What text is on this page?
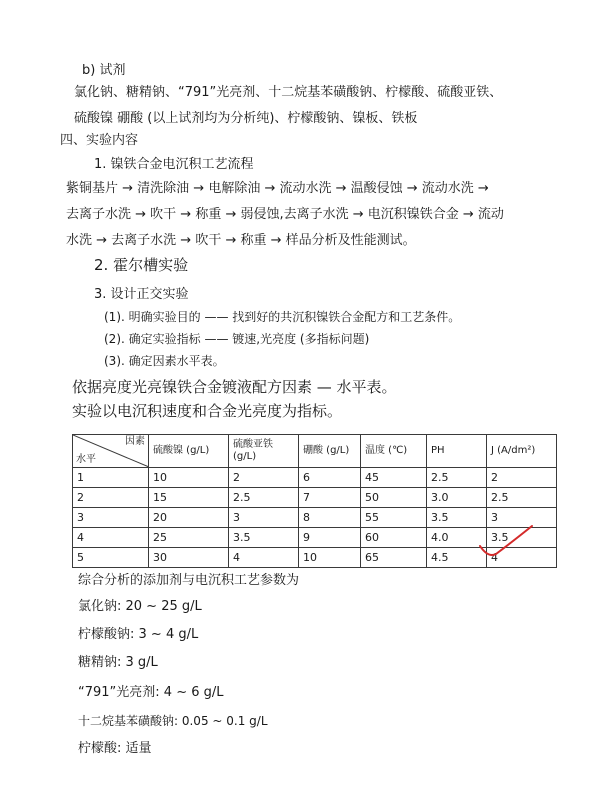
b) 试剂
氯化钠、糖精钠、“791”光亮剂、十二烷基苯磺酸钠、柠檬酸、硫酸亚铁、
硫酸镍 硼酸 (以上试剂均为分析纯)、柠檬酸钠、镍板、铁板
四、实验内容
1. 镍铁合金电沉积工艺流程
紫铜基片 → 清洗除油 → 电解除油 → 流动水洗 → 温酸侵蚀 → 流动水洗 →
去离子水洗 → 吹干 → 称重 → 弱侵蚀,去离子水洗 → 电沉积镍铁合金 → 流动
水洗 → 去离子水洗 → 吹干 → 称重 → 样品分析及性能测试。
2. 霍尔槽实验
3. 设计正交实验
(1). 明确实验目的 —— 找到好的共沉积镍铁合金配方和工艺条件。
(2). 确定实验指标 —— 镀速,光亮度 (多指标问题)
(3). 确定因素水平表。
依据亮度光亮镍铁合金镀液配方因素 — 水平表。
实验以电沉积速度和合金光亮度为指标。
因素
水平	硫酸镍 (g/L)	硫酸亚铁 (g/L)	硼酸 (g/L)	温度 (℃)	PH	J (A/dm²)
1	10	2	6	45	2.5	2
2	15	2.5	7	50	3.0	2.5
3	20	3	8	55	3.5	3
4	25	3.5	9	60	4.0	3.5
5	30	4	10	65	4.5	4
综合分析的添加剂与电沉积工艺参数为
氯化钠: 20 ~ 25 g/L
柠檬酸钠: 3 ~ 4 g/L
糖精钠: 3 g/L
“791”光亮剂: 4 ~ 6 g/L
十二烷基苯磺酸钠: 0.05 ~ 0.1 g/L
柠檬酸: 适量
